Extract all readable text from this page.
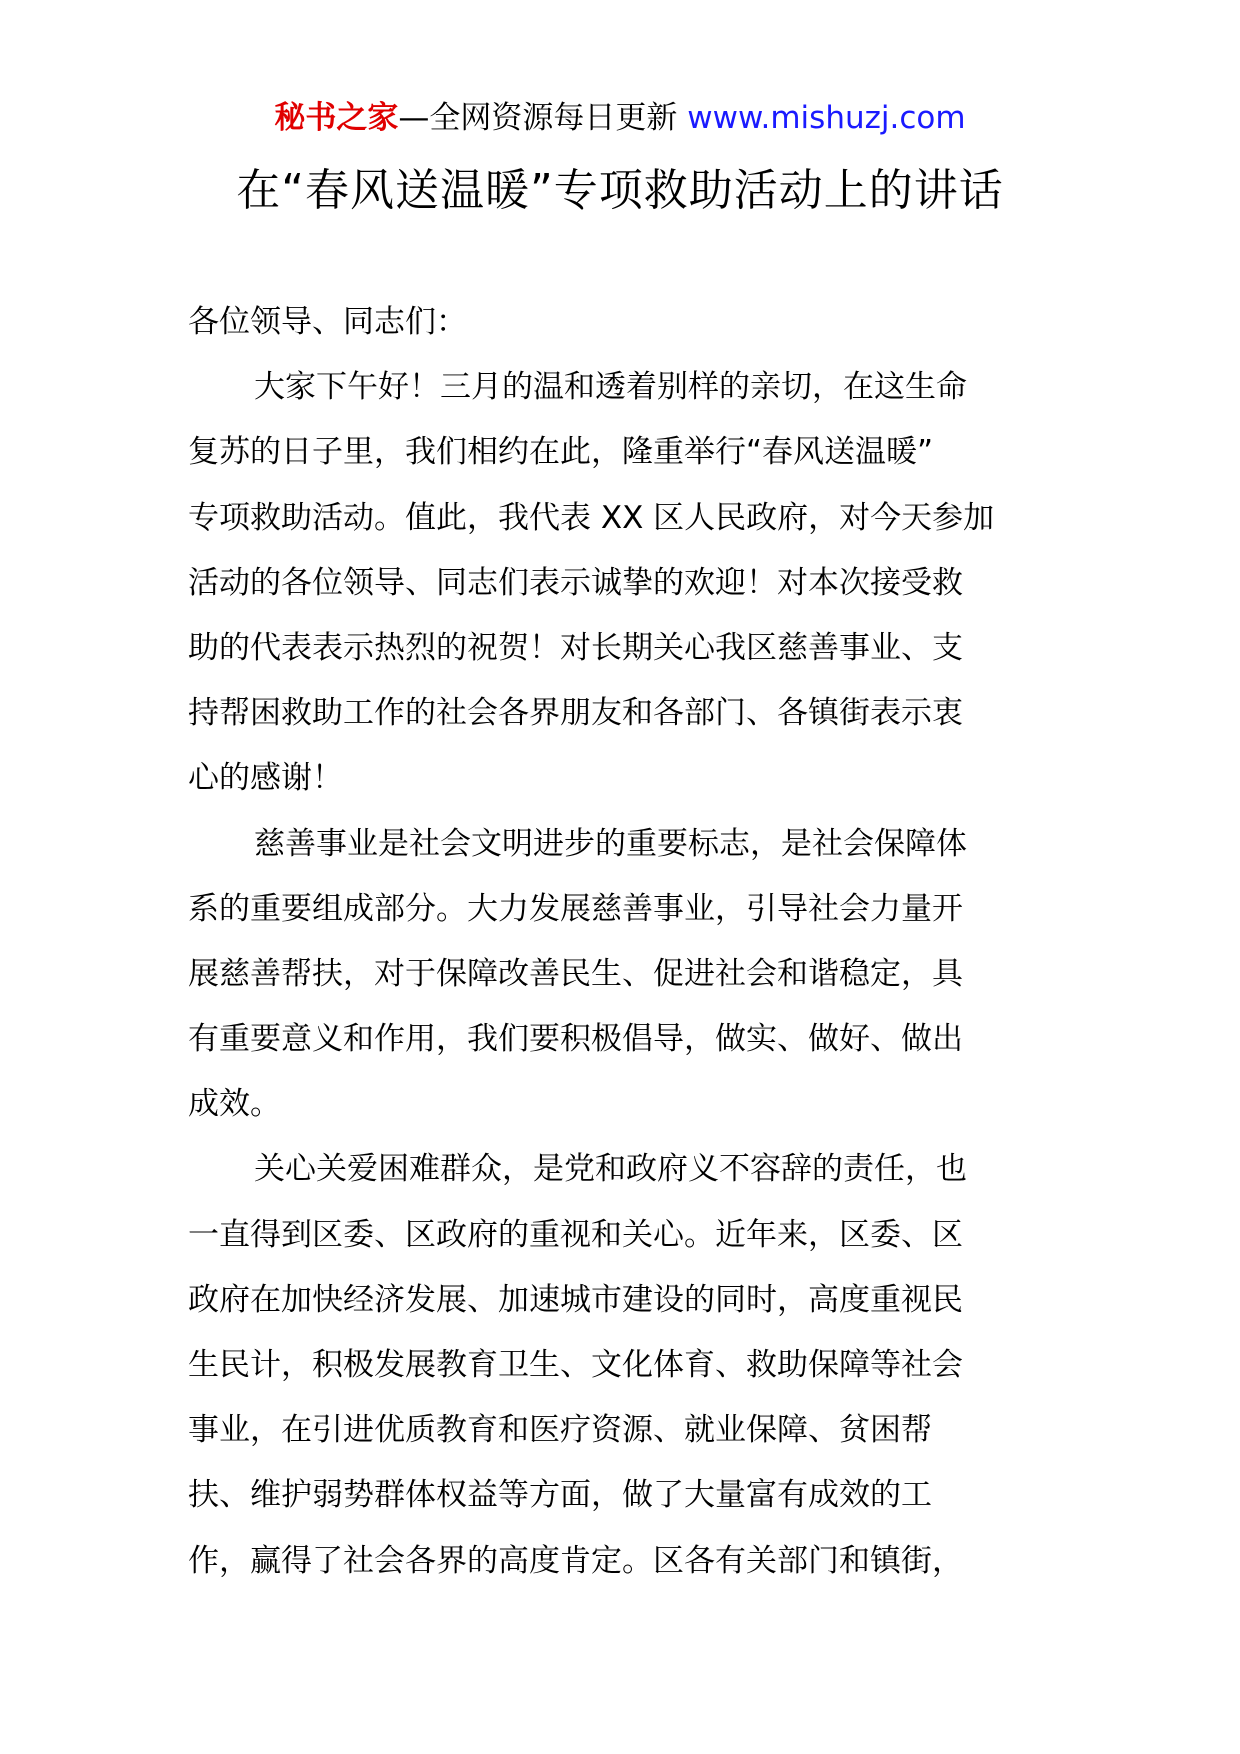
秘书之家—全网资源每日更新 www.mishuzj.com
在“春风送温暖”专项救助活动上的讲话
各位领导、同志们：
大家下午好！三月的温和透着别样的亲切，在这生命
复苏的日子里，我们相约在此，隆重举行“春风送温暖”
专项救助活动。值此，我代表 XX 区人民政府，对今天参加
活动的各位领导、同志们表示诚挚的欢迎！对本次接受救
助的代表表示热烈的祝贺！对长期关心我区慈善事业、支
持帮困救助工作的社会各界朋友和各部门、各镇街表示衷
心的感谢！
慈善事业是社会文明进步的重要标志，是社会保障体
系的重要组成部分。大力发展慈善事业，引导社会力量开
展慈善帮扶，对于保障改善民生、促进社会和谐稳定，具
有重要意义和作用，我们要积极倡导，做实、做好、做出
成效。
关心关爱困难群众，是党和政府义不容辞的责任，也
一直得到区委、区政府的重视和关心。近年来，区委、区
政府在加快经济发展、加速城市建设的同时，高度重视民
生民计，积极发展教育卫生、文化体育、救助保障等社会
事业，在引进优质教育和医疗资源、就业保障、贫困帮
扶、维护弱势群体权益等方面，做了大量富有成效的工
作，赢得了社会各界的高度肯定。区各有关部门和镇街，
